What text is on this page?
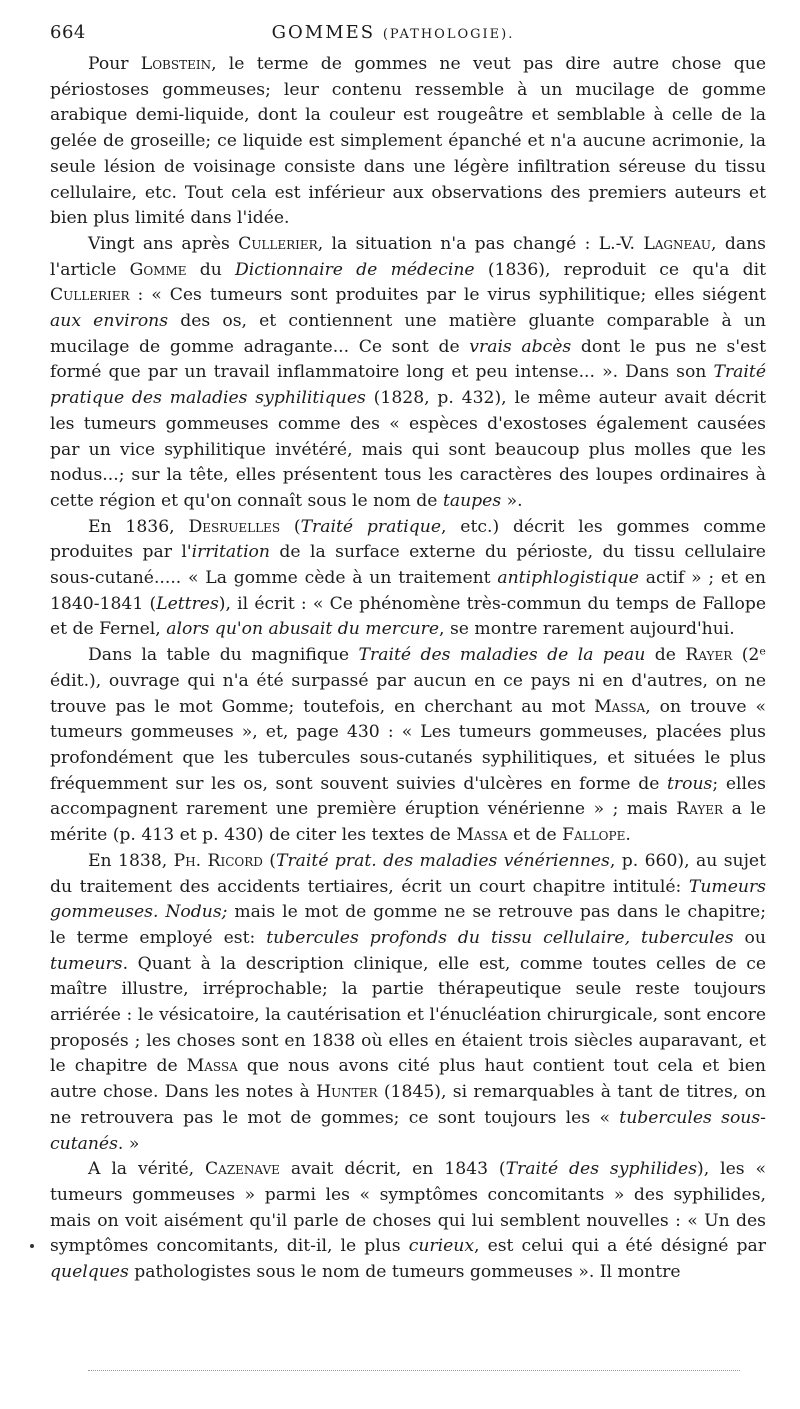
664	GOMMES (PATHOLOGIE).

Pour Lobstein, le terme de gommes ne veut pas dire autre chose que périostoses gommeuses; leur contenu ressemble à un mucilage de gomme arabique demi-liquide, dont la couleur est rougeâtre et semblable à celle de la gelée de groseille; ce liquide est simplement épanché et n'a aucune acrimonie, la seule lésion de voisinage consiste dans une légère infiltration séreuse du tissu cellulaire, etc. Tout cela est inférieur aux observations des premiers auteurs et bien plus limité dans l'idée.

Vingt ans après Cullerier, la situation n'a pas changé : L.-V. Lagneau, dans l'article Gomme du Dictionnaire de médecine (1836), reproduit ce qu'a dit Cullerier : « Ces tumeurs sont produites par le virus syphilitique; elles siégent aux environs des os, et contiennent une matière gluante comparable à un mucilage de gomme adragante... Ce sont de vrais abcès dont le pus ne s'est formé que par un travail inflammatoire long et peu intense... ». Dans son Traité pratique des maladies syphilitiques (1828, p. 432), le même auteur avait décrit les tumeurs gommeuses comme des « espèces d'exostoses également causées par un vice syphilitique invétéré, mais qui sont beaucoup plus molles que les nodus...; sur la tête, elles présentent tous les caractères des loupes ordinaires à cette région et qu'on connaît sous le nom de taupes ».

En 1836, Desruelles (Traité pratique, etc.) décrit les gommes comme produites par l'irritation de la surface externe du périoste, du tissu cellulaire sous-cutané..... « La gomme cède à un traitement antiphlogistique actif » ; et en 1840-1841 (Lettres), il écrit : « Ce phénomène très-commun du temps de Fallope et de Fernel, alors qu'on abusait du mercure, se montre rarement aujourd'hui.

Dans la table du magnifique Traité des maladies de la peau de Rayer (2ᵉ édit.), ouvrage qui n'a été surpassé par aucun en ce pays ni en d'autres, on ne trouve pas le mot Gomme; toutefois, en cherchant au mot Massa, on trouve « tumeurs gommeuses », et, page 430 : « Les tumeurs gommeuses, placées plus profondément que les tubercules sous-cutanés syphilitiques, et situées le plus fréquemment sur les os, sont souvent suivies d'ulcères en forme de trous; elles accompagnent rarement une première éruption vénérienne » ; mais Rayer a le mérite (p. 413 et p. 430) de citer les textes de Massa et de Fallope.

En 1838, Ph. Ricord (Traité prat. des maladies vénériennes, p. 660), au sujet du traitement des accidents tertiaires, écrit un court chapitre intitulé: Tumeurs gommeuses. Nodus; mais le mot de gomme ne se retrouve pas dans le chapitre; le terme employé est: tubercules profonds du tissu cellulaire, tubercules ou tumeurs. Quant à la description clinique, elle est, comme toutes celles de ce maître illustre, irréprochable; la partie thérapeutique seule reste toujours arriérée : le vésicatoire, la cautérisation et l'énucléation chirurgicale, sont encore proposés ; les choses sont en 1838 où elles en étaient trois siècles auparavant, et le chapitre de Massa que nous avons cité plus haut contient tout cela et bien autre chose. Dans les notes à Hunter (1845), si remarquables à tant de titres, on ne retrouvera pas le mot de gommes; ce sont toujours les « tubercules sous-cutanés. »

A la vérité, Cazenave avait décrit, en 1843 (Traité des syphilides), les « tumeurs gommeuses » parmi les « symptômes concomitants » des syphilides, mais on voit aisément qu'il parle de choses qui lui semblent nouvelles : « Un des symptômes concomitants, dit-il, le plus curieux, est celui qui a été désigné par quelques pathologistes sous le nom de tumeurs gommeuses ». Il montre
